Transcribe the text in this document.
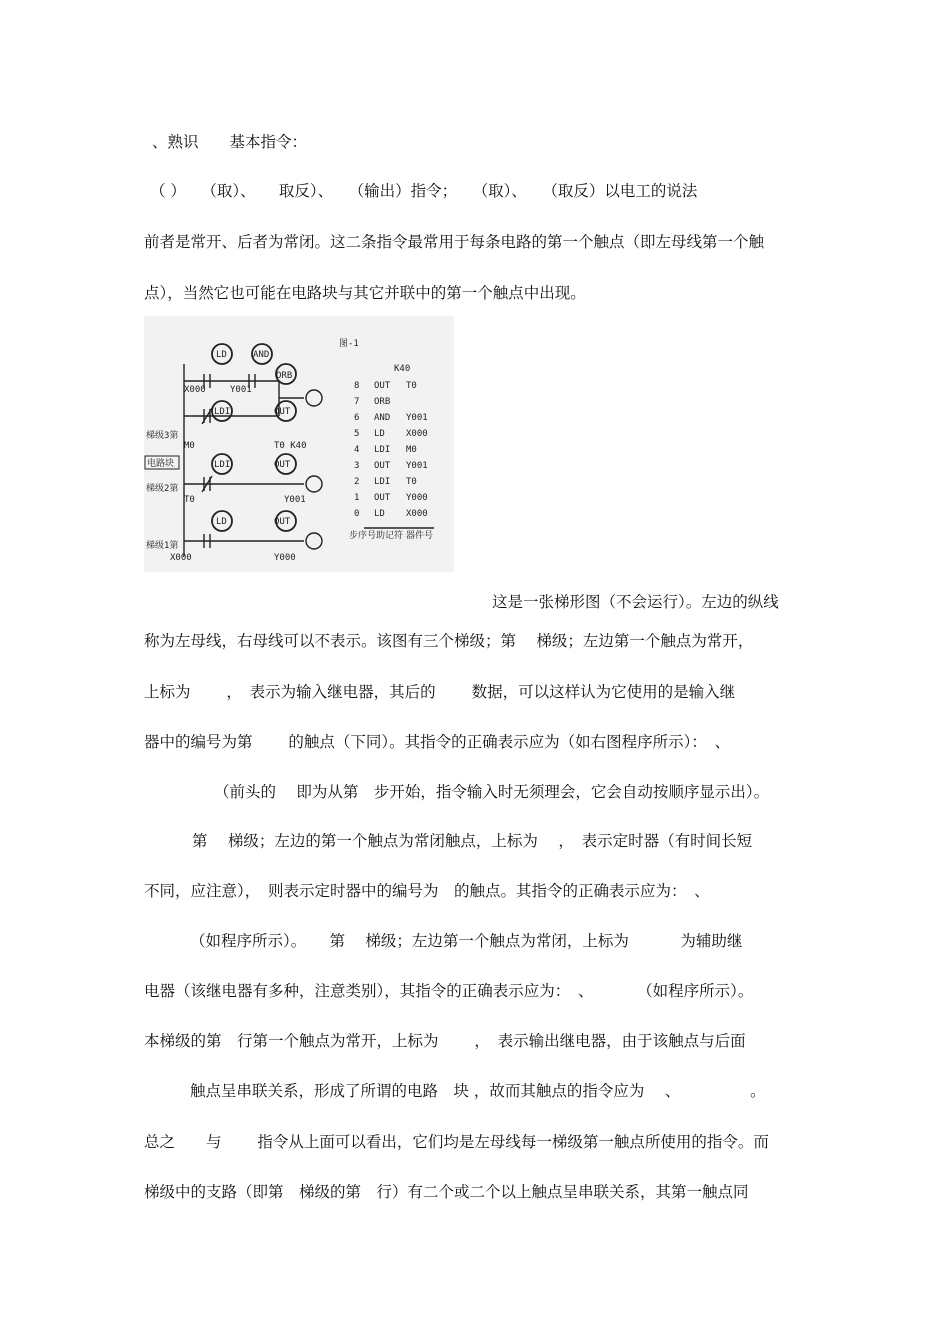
、熟识　　基本指令：
（ ）　　（取）、　　取反）、　　（输出）指令；　　（取）、　　（取反）以电工的说法
前者是常开、后者为常闭。这二条指令最常用于每条电路的第一个触点（即左母线第一个触
点），当然它也可能在电路块与其它并联中的第一个触点中出现。
图-1
K40
8 OUT T0
7 ORB
6 AND Y001
5 LD X000
4 LDI M0
3 OUT Y001
2 LDI T0
1 OUT Y000
0 LD X000
步序号 助记符 器件号
梯级1第
梯级2第
梯级3第
电路块
X000	Y000
T0	Y001
M0	T0 K40
X000	Y001
LD	AND
ORB
LDI	OUT
LDI	OUT
LD	OUT
这是一张梯形图（不会运行）。左边的纵线
称为左母线，右母线可以不表示。该图有三个梯级；第　 梯级；左边第一个触点为常开，
上标为　　 ，　表示为输入继电器，其后的　　 数据，可以这样认为它使用的是输入继
器中的编号为第　　 的触点（下同）。其指令的正确表示应为（如右图程序所示）：　、
（前头的　 即为从第　步开始，指令输入时无须理会，它会自动按顺序显示出）。
第　 梯级；左边的第一个触点为常闭触点，上标为　 ，　表示定时器（有时间长短
不同，应注意），　则表示定时器中的编号为　的触点。其指令的正确表示应为：　、
（如程序所示）。　　第　 梯级；左边第一个触点为常闭，上标为　　　 为辅助继
电器（该继电器有多种，注意类别），其指令的正确表示应为：　、　　　 （如程序所示）。
本梯级的第　行第一个触点为常开，上标为　　 ，　表示输出继电器，由于该触点与后面
触点呈串联关系，形成了所谓的电路　块 ，故而其触点的指令应为　 、　　　　　。
总之　　与　　 指令从上面可以看出，它们均是左母线每一梯级第一触点所使用的指令。而
梯级中的支路（即第　梯级的第　行）有二个或二个以上触点呈串联关系，其第一触点同
